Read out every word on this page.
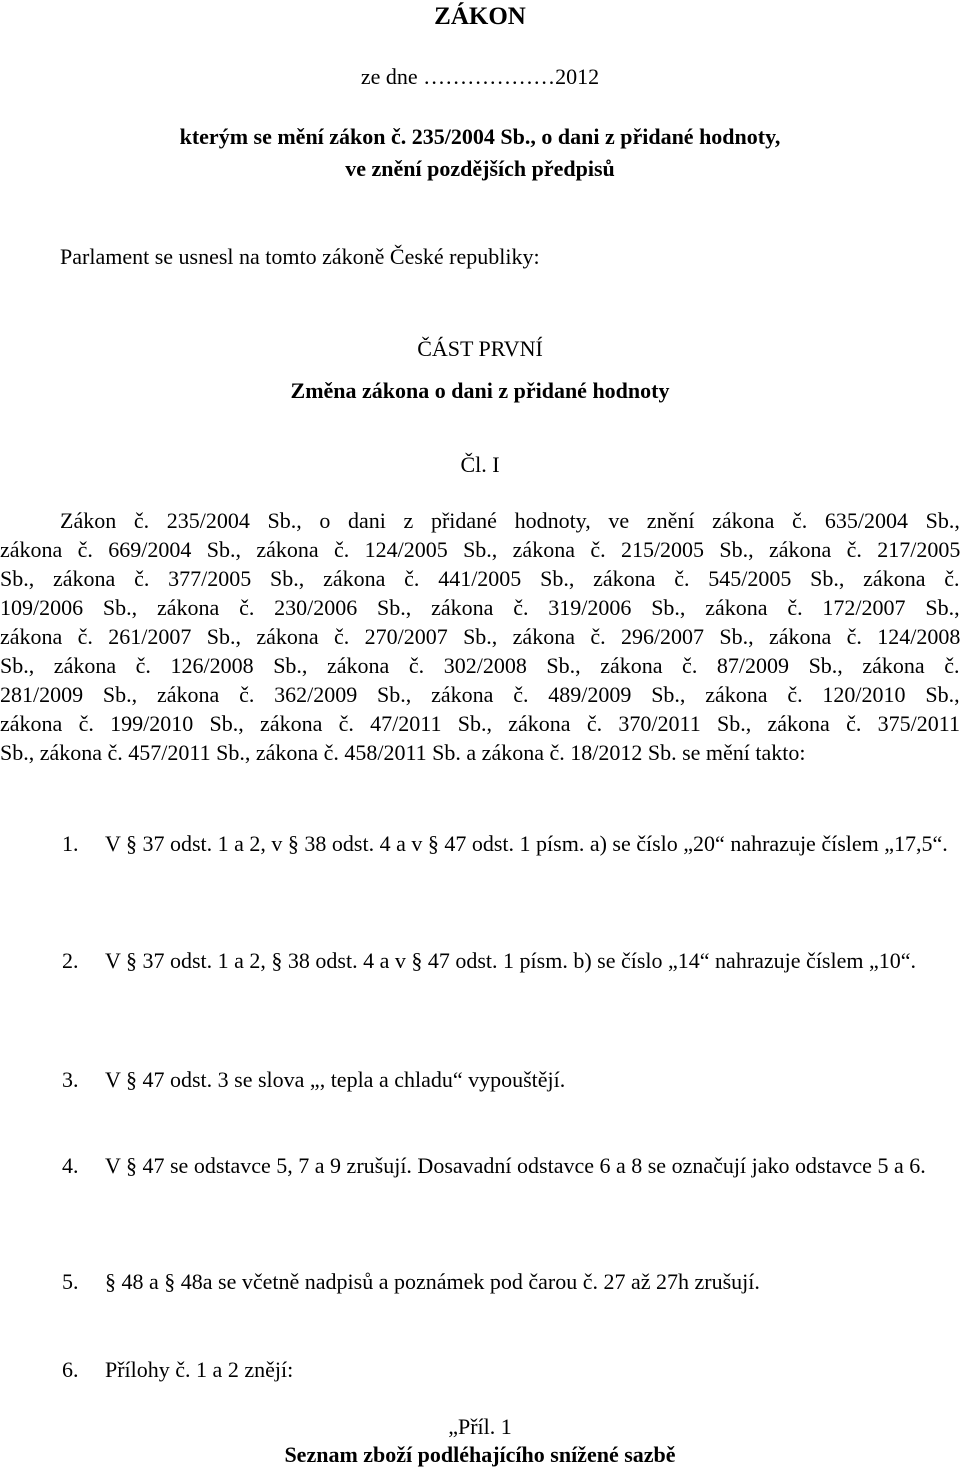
ZÁKON
ze dne ………………2012
kterým se mění zákon č. 235/2004 Sb., o dani z přidané hodnoty,
ve znění pozdějších předpisů
Parlament se usnesl na tomto zákoně České republiky:
ČÁST PRVNÍ
Změna zákona o dani z přidané hodnoty
Čl. I
Zákon č. 235/2004 Sb., o dani z přidané hodnoty, ve znění zákona č. 635/2004 Sb.,
zákona č. 669/2004 Sb., zákona č. 124/2005 Sb., zákona č. 215/2005 Sb., zákona č. 217/2005
Sb., zákona č. 377/2005 Sb., zákona č. 441/2005 Sb., zákona č. 545/2005 Sb., zákona č.
109/2006 Sb., zákona č. 230/2006 Sb., zákona č. 319/2006 Sb., zákona č. 172/2007 Sb.,
zákona č. 261/2007 Sb., zákona č. 270/2007 Sb., zákona č. 296/2007 Sb., zákona č. 124/2008
Sb., zákona č. 126/2008 Sb., zákona č. 302/2008 Sb., zákona č. 87/2009 Sb., zákona č.
281/2009 Sb., zákona č. 362/2009 Sb., zákona č. 489/2009 Sb., zákona č. 120/2010 Sb.,
zákona č. 199/2010 Sb., zákona č. 47/2011 Sb., zákona č. 370/2011 Sb., zákona č. 375/2011
Sb., zákona č. 457/2011 Sb., zákona č. 458/2011 Sb. a zákona č. 18/2012 Sb. se mění takto:
1. V § 37 odst. 1 a 2, v § 38 odst. 4 a v § 47 odst. 1 písm. a) se číslo „20“ nahrazuje číslem „17,5“.
2. V § 37 odst. 1 a 2, § 38 odst. 4 a v § 47 odst. 1 písm. b) se číslo „14“ nahrazuje číslem „10“.
3. V § 47 odst. 3 se slova „, tepla a chladu“ vypouštějí.
4. V § 47 se odstavce 5, 7 a 9 zrušují. Dosavadní odstavce 6 a 8 se označují jako odstavce 5 a 6.
5. § 48 a § 48a se včetně nadpisů a poznámek pod čarou č. 27 až 27h zrušují.
6. Přílohy č. 1 a 2 znějí:
„Příl. 1
Seznam zboží podléhajícího snížené sazbě
